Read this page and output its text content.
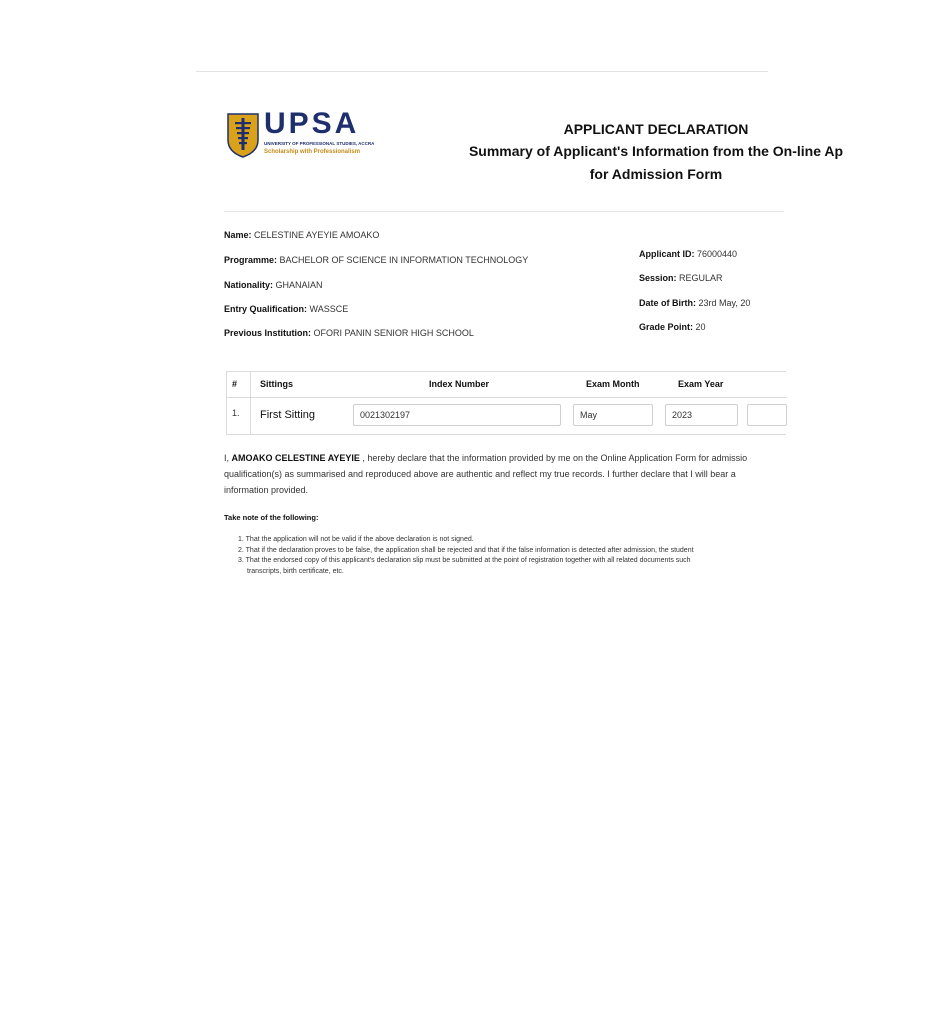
UPSA
UNIVERSITY OF PROFESSIONAL STUDIES, ACCRA
Scholarship with Professionalism
APPLICANT DECLARATION
Summary of Applicant's Information from the On-line Ap
for Admission Form
Name: CELESTINE AYEYIE AMOAKO
Programme: BACHELOR OF SCIENCE IN INFORMATION TECHNOLOGY
Nationality: GHANAIAN
Entry Qualification: WASSCE
Previous Institution: OFORI PANIN SENIOR HIGH SCHOOL
Applicant ID: 76000440
Session: REGULAR
Date of Birth: 23rd May, 20
Grade Point: 20
#	Sittings	Index Number	Exam Month	Exam Year
1. First Sitting	0021302197	May	2023
I, AMOAKO CELESTINE AYEYIE , hereby declare that the information provided by me on the Online Application Form for admissio
qualification(s) as summarised and reproduced above are authentic and reflect my true records. I further declare that I will bear a
information provided.
Take note of the following:
1. That the application will not be valid if the above declaration is not signed.
2. That if the declaration proves to be false, the application shall be rejected and that if the false information is detected after admission, the student
3. That the endorsed copy of this applicant's declaration slip must be submitted at the point of registration together with all related documents such
transcripts, birth certificate, etc.
